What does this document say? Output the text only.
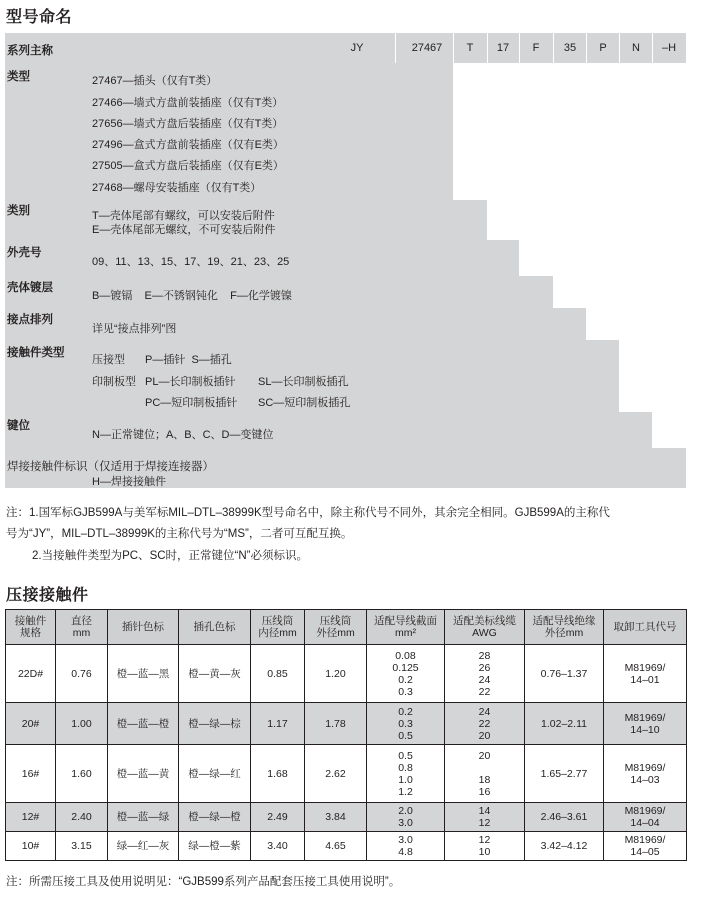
型号命名
系列主称	JY	27467	T	17	F	35	P	N	–H
类型	27467—插头（仅有T类）
27466—墙式方盘前装插座（仅有T类）
27656—墙式方盘后装插座（仅有T类）
27496—盒式方盘前装插座（仅有E类）
27505—盒式方盘后装插座（仅有E类）
27468—螺母安装插座（仅有T类）
类别	T—壳体尾部有螺纹，可以安装后附件
E—壳体尾部无螺纹，不可安装后附件
外壳号
09、11、13、15、17、19、21、23、25
壳体镀层
B—镀镉    E—不锈钢钝化    F—化学镀镍
接点排列
详见“接点排列”图
接触件类型
压接型 P—插针  S—插孔
印制板型 PL—长印制板插针 SL—长印制板插孔
PC—短印制板插针 SC—短印制板插孔
键位
N—正常键位；A、B、C、D—变键位
焊接接触件标识（仅适用于焊接连接器）
H—焊接接触件
注：1.国军标GJB599A与美军标MIL–DTL–38999K型号命名中，除主称代号不同外，其余完全相同。GJB599A的主称代
号为“JY”，MIL–DTL–38999K的主称代号为“MS”，二者可互配互换。
2.当接触件类型为PC、SC时，正常键位“N”必须标识。
压接接触件
接触件
规格	直径
mm	插针色标	插孔色标	压线筒
内径mm	压线筒
外径mm	适配导线截面
mm²	适配美标线缆
AWG	适配导线绝缘
外径mm	取卸工具代号
22D#	0.76	橙—蓝—黑	橙—黄—灰	0.85	1.20	0.08
0.125
0.2
0.3	28
26
24
22	0.76–1.37	M81969/
14–01

20#	1.00	橙—蓝—橙	橙—绿—棕	1.17	1.78	0.2
0.3
0.5	24
22
20	1.02–2.11	M81969/
14–10

16#	1.60	橙—蓝—黄	橙—绿—红	1.68	2.62	0.5
0.8
1.0
1.2	20

18
16	1.65–2.77	M81969/
14–03

12#	2.40	橙—蓝—绿	橙—绿—橙	2.49	3.84	2.0
3.0	14
12	2.46–3.61	M81969/
14–04

10#	3.15	绿—红—灰	绿—橙—紫	3.40	4.65	3.0
4.8	12
10	3.42–4.12	M81969/
14–05
注：所需压接工具及使用说明见：“GJB599系列产品配套压接工具使用说明”。
